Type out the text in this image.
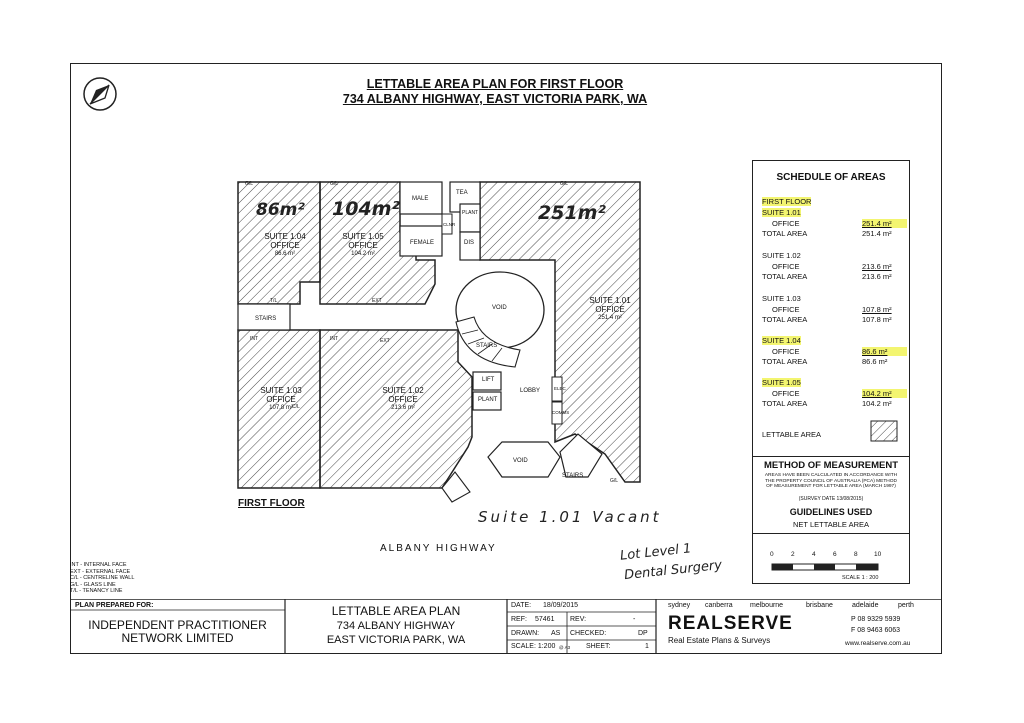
LETTABLE AREA PLAN FOR FIRST FLOOR
734 ALBANY HIGHWAY, EAST VICTORIA PARK, WA
SUITE 1.04
OFFICE
86.6 m²
SUITE 1.05
OFFICE
104.2 m²
SUITE 1.01
OFFICE
251.4 m²
SUITE 1.03
OFFICE
107.8 m²
SUITE 1.02
OFFICE
213.6 m²
MALE
FEMALE
TEA
PLANT
DIS
CLNR
STAIRS
VOID
STAIRS
LIFT
PLANT
LOBBY	ELEC
COMMS
VOID
STAIRS
G/L	G/L	G/L
G/L
INT	INT
EXT
EXT
T/L
C/L
FIRST FLOOR
ALBANY HIGHWAY
86m² 104m²	251m²
Suite 1.01 Vacant
Lot Level 1
Dental Surgery
INT - INTERNAL FACE
EXT - EXTERNAL FACE
C/L - CENTRELINE WALL
G/L - GLASS LINE
T/L - TENANCY LINE
SCHEDULE OF AREAS
FIRST FLOOR
SUITE 1.01
OFFICE	251.4 m²
TOTAL AREA	251.4 m²
SUITE 1.02
OFFICE	213.6 m²
TOTAL AREA	213.6 m²
SUITE 1.03
OFFICE	107.8 m²
TOTAL AREA	107.8 m²
SUITE 1.04
OFFICE	86.6 m²
TOTAL AREA	86.6 m²
SUITE 1.05
OFFICE	104.2 m²
TOTAL AREA	104.2 m²
LETTABLE AREA
METHOD OF MEASUREMENT
AREAS HAVE BEEN CALCULATED IN ACCORDANCE WITH THE PROPERTY COUNCIL OF AUSTRALIA (PCA) METHOD OF MEASUREMENT FOR LETTABLE AREA (MARCH 1997)
(SURVEY DATE 13/08/2015)
GUIDELINES USED
NET LETTABLE AREA
0	2	4	6	8	10
SCALE 1 : 200
PLAN PREPARED FOR:
INDEPENDENT PRACTITIONER
NETWORK LIMITED
LETTABLE AREA PLAN
734 ALBANY HIGHWAY
EAST VICTORIA PARK, WA
DATE: 18/09/2015
REF: 57461 REV:	-
DRAWN: AS CHECKED:	DP
SCALE: 1:200 @ A3 SHEET:	1
sydney canberra melbourne	brisbane	adelaide	perth
REALSERVE
Real Estate Plans & Surveys
P 08 9329 5939
F 08 9463 6063
www.realserve.com.au
